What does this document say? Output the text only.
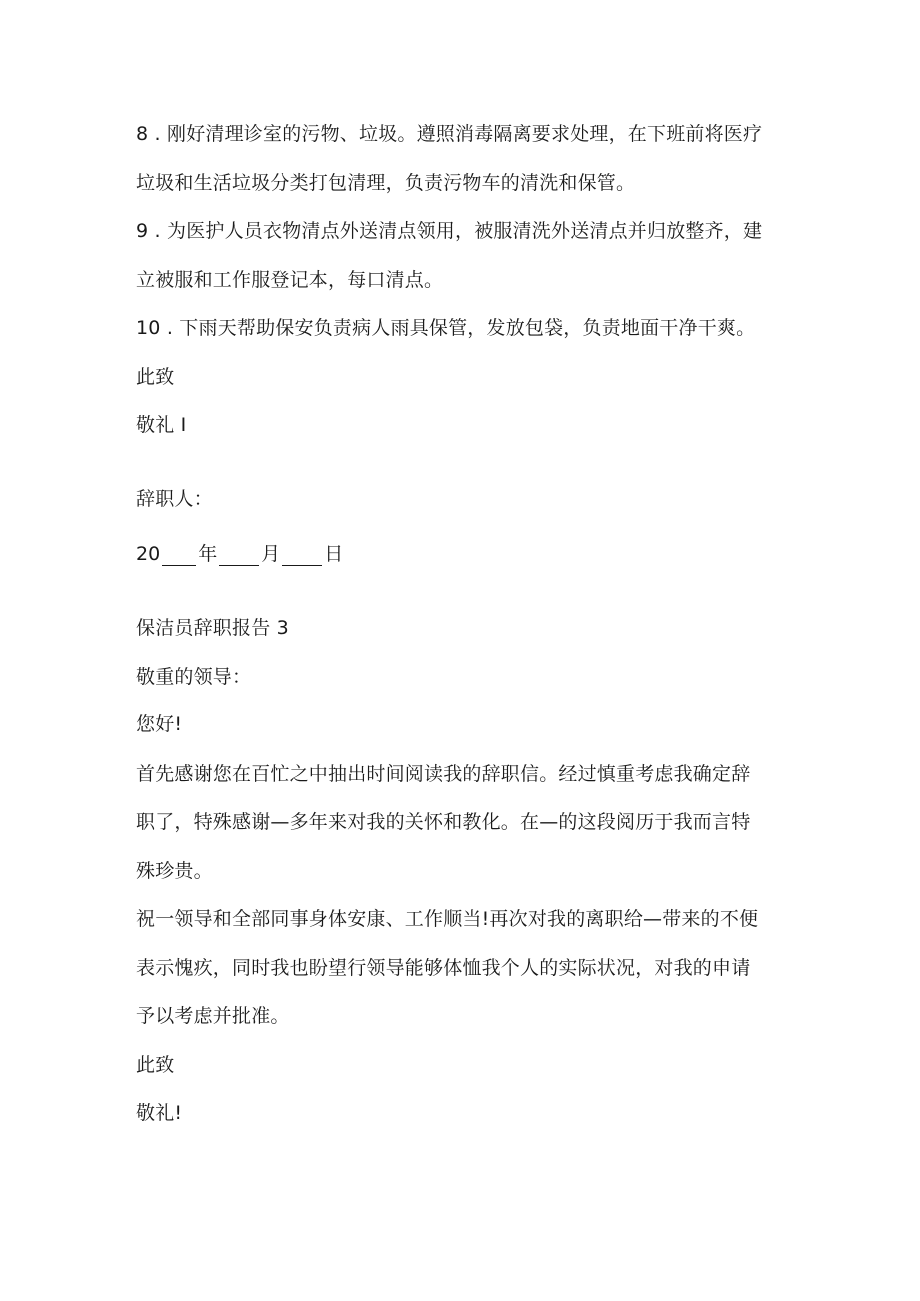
8 . 刚好清理诊室的污物、垃圾。遵照消毒隔离要求处理，在下班前将医疗
垃圾和生活垃圾分类打包清理，负责污物车的清洗和保管。
9 . 为医护人员衣物清点外送清点领用，被服清洗外送清点并归放整齐，建
立被服和工作服登记本，每口清点。
10 . 下雨天帮助保安负责病人雨具保管，发放包袋，负责地面干净干爽。
此致
敬礼 I
辞职人：
20 年 月 日
保洁员辞职报告 3
敬重的领导：
您好!
首先感谢您在百忙之中抽出时间阅读我的辞职信。经过慎重考虑我确定辞
职了，特殊感谢—多年来对我的关怀和教化。在—的这段阅历于我而言特
殊珍贵。
祝一领导和全部同事身体安康、工作顺当!再次对我的离职给—带来的不便
表示愧疚，同时我也盼望行领导能够体恤我个人的实际状况，对我的申请
予以考虑并批准。
此致
敬礼!
